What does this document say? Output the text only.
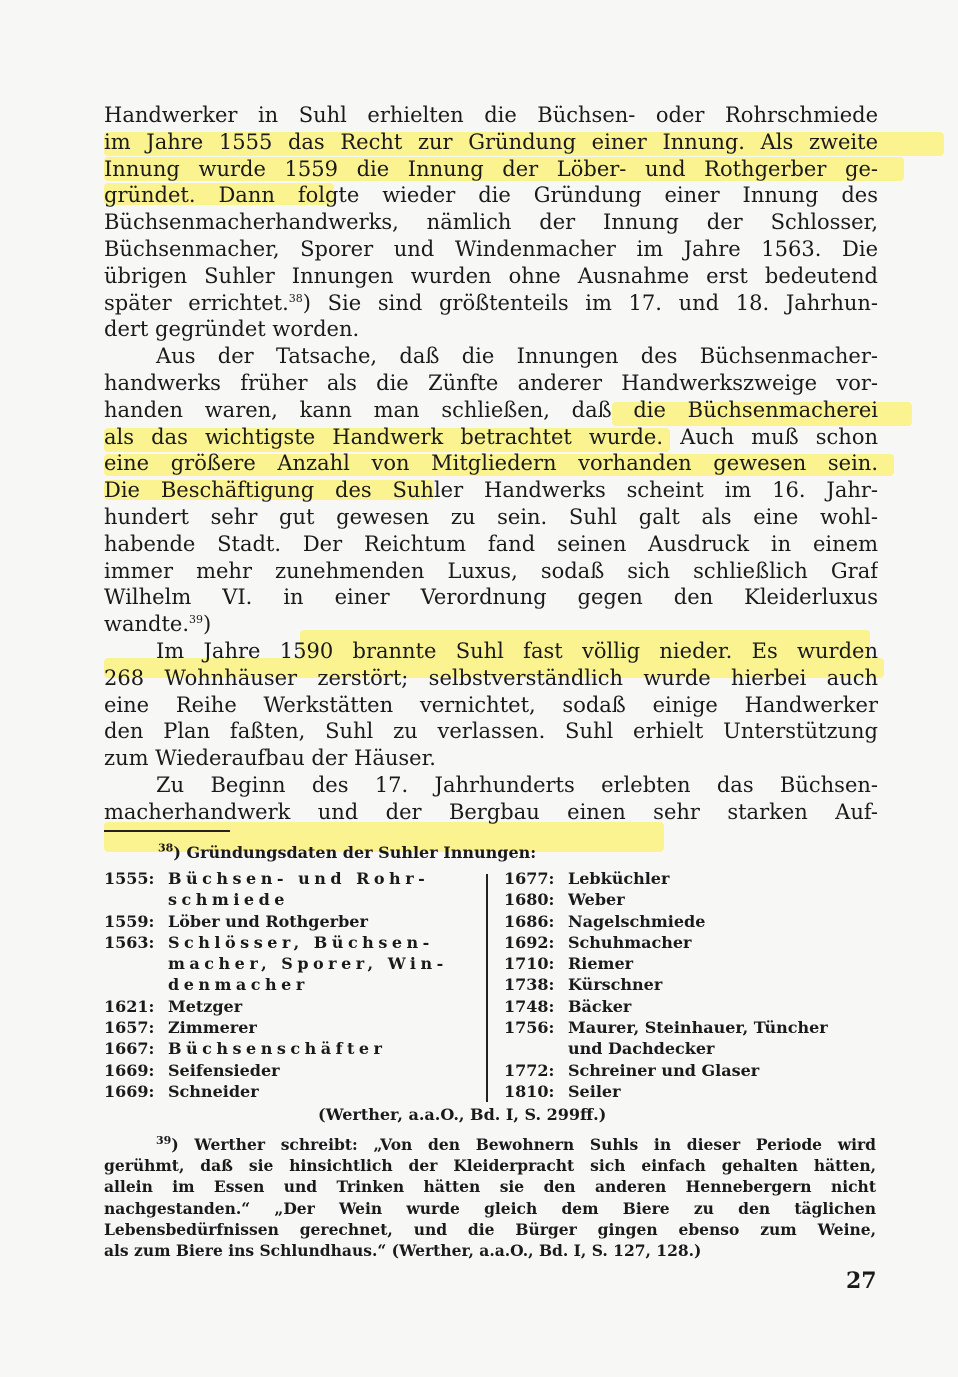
Handwerker in Suhl erhielten die Büchsen- oder Rohrschmiede
im Jahre 1555 das Recht zur Gründung einer Innung. Als zweite
Innung wurde 1559 die Innung der Löber- und Rothgerber ge-
gründet. Dann folgte wieder die Gründung einer Innung des
Büchsenmacherhandwerks, nämlich der Innung der Schlosser,
Büchsenmacher, Sporer und Windenmacher im Jahre 1563. Die
übrigen Suhler Innungen wurden ohne Ausnahme erst bedeutend
später errichtet.$^{38}$) Sie sind größtenteils im 17. und 18. Jahrhun-
dert gegründet worden.
Aus der Tatsache, daß die Innungen des Büchsenmacher-
handwerks früher als die Zünfte anderer Handwerkszweige vor-
handen waren, kann man schließen, daß die Büchsenmacherei
als das wichtigste Handwerk betrachtet wurde. Auch muß schon
eine größere Anzahl von Mitgliedern vorhanden gewesen sein.
Die Beschäftigung des Suhler Handwerks scheint im 16. Jahr-
hundert sehr gut gewesen zu sein. Suhl galt als eine wohl-
habende Stadt. Der Reichtum fand seinen Ausdruck in einem
immer mehr zunehmenden Luxus, sodaß sich schließlich Graf
Wilhelm VI. in einer Verordnung gegen den Kleiderluxus
wandte.$^{39}$)
Im Jahre 1590 brannte Suhl fast völlig nieder. Es wurden
268 Wohnhäuser zerstört; selbstverständlich wurde hierbei auch
eine Reihe Werkstätten vernichtet, sodaß einige Handwerker
den Plan faßten, Suhl zu verlassen. Suhl erhielt Unterstützung
zum Wiederaufbau der Häuser.
Zu Beginn des 17. Jahrhunderts erlebten das Büchsen-
macherhandwerk und der Bergbau einen sehr starken Auf-
$^{38}$) Gründungsdaten der Suhler Innungen:
1555: Büchsen- und Rohr-
schmiede
1559: Löber und Rothgerber
1563: Schlösser, Büchsen-
macher, Sporer, Win-
denmacher
1621: Metzger
1657: Zimmerer
1667: Büchsenschäfter
1669: Seifensieder
1669: Schneider
1677: Lebküchler
1680: Weber
1686: Nagelschmiede
1692: Schuhmacher
1710: Riemer
1738: Kürschner
1748: Bäcker
1756: Maurer, Steinhauer, Tüncher
und Dachdecker
1772: Schreiner und Glaser
1810: Seiler
(Werther, a.a.O., Bd. I, S. 299ff.)
$^{39}$) Werther schreibt: „Von den Bewohnern Suhls in dieser Periode wird
gerühmt, daß sie hinsichtlich der Kleiderpracht sich einfach gehalten hätten,
allein im Essen und Trinken hätten sie den anderen Hennebergern nicht
nachgestanden.“ „Der Wein wurde gleich dem Biere zu den täglichen
Lebensbedürfnissen gerechnet, und die Bürger gingen ebenso zum Weine,
als zum Biere ins Schlundhaus.“ (Werther, a.a.O., Bd. I, S. 127, 128.)
27
